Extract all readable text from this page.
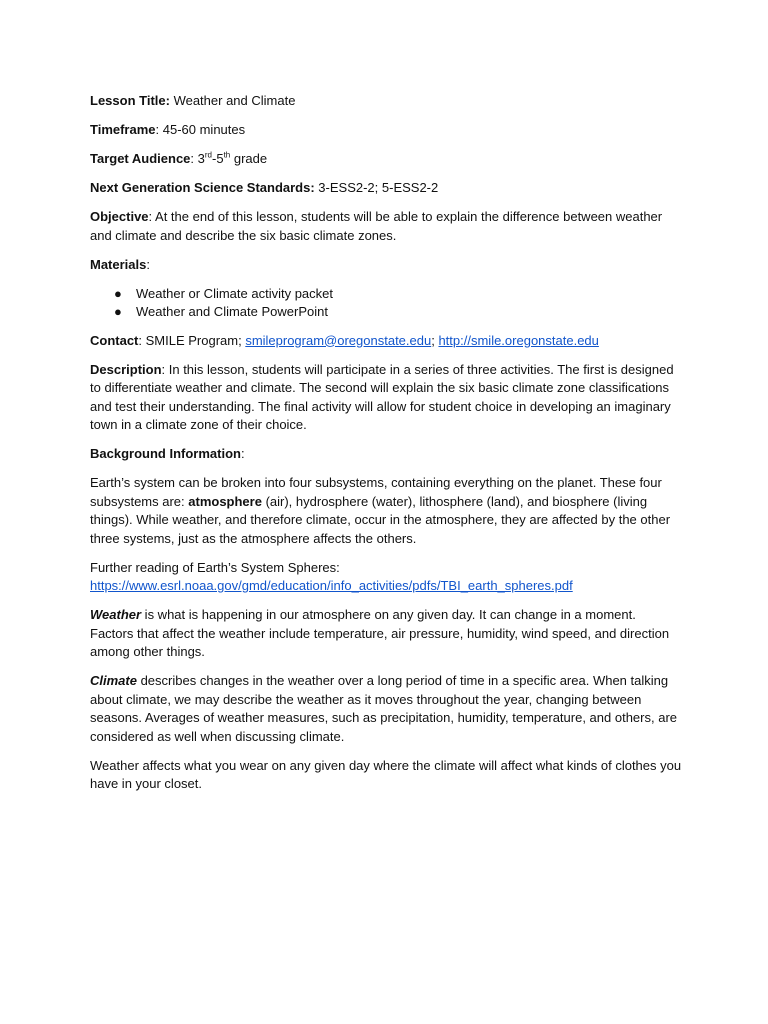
Lesson Title: Weather and Climate

Timeframe: 45-60 minutes

Target Audience: 3rd-5th grade

Next Generation Science Standards: 3-ESS2-2; 5-ESS2-2

Objective: At the end of this lesson, students will be able to explain the difference between weather and climate and describe the six basic climate zones.

Materials:

● Weather or Climate activity packet
● Weather and Climate PowerPoint

Contact: SMILE Program; smileprogram@oregonstate.edu; http://smile.oregonstate.edu

Description: In this lesson, students will participate in a series of three activities. The first is designed to differentiate weather and climate. The second will explain the six basic climate zone classifications and test their understanding. The final activity will allow for student choice in developing an imaginary town in a climate zone of their choice.

Background Information:

Earth’s system can be broken into four subsystems, containing everything on the planet. These four subsystems are: atmosphere (air), hydrosphere (water), lithosphere (land), and biosphere (living things). While weather, and therefore climate, occur in the atmosphere, they are affected by the other three systems, just as the atmosphere affects the others.

Further reading of Earth’s System Spheres:
https://www.esrl.noaa.gov/gmd/education/info_activities/pdfs/TBI_earth_spheres.pdf

Weather is what is happening in our atmosphere on any given day. It can change in a moment. Factors that affect the weather include temperature, air pressure, humidity, wind speed, and direction among other things.

Climate describes changes in the weather over a long period of time in a specific area. When talking about climate, we may describe the weather as it moves throughout the year, changing between seasons. Averages of weather measures, such as precipitation, humidity, temperature, and others, are considered as well when discussing climate.

Weather affects what you wear on any given day where the climate will affect what kinds of clothes you have in your closet.
